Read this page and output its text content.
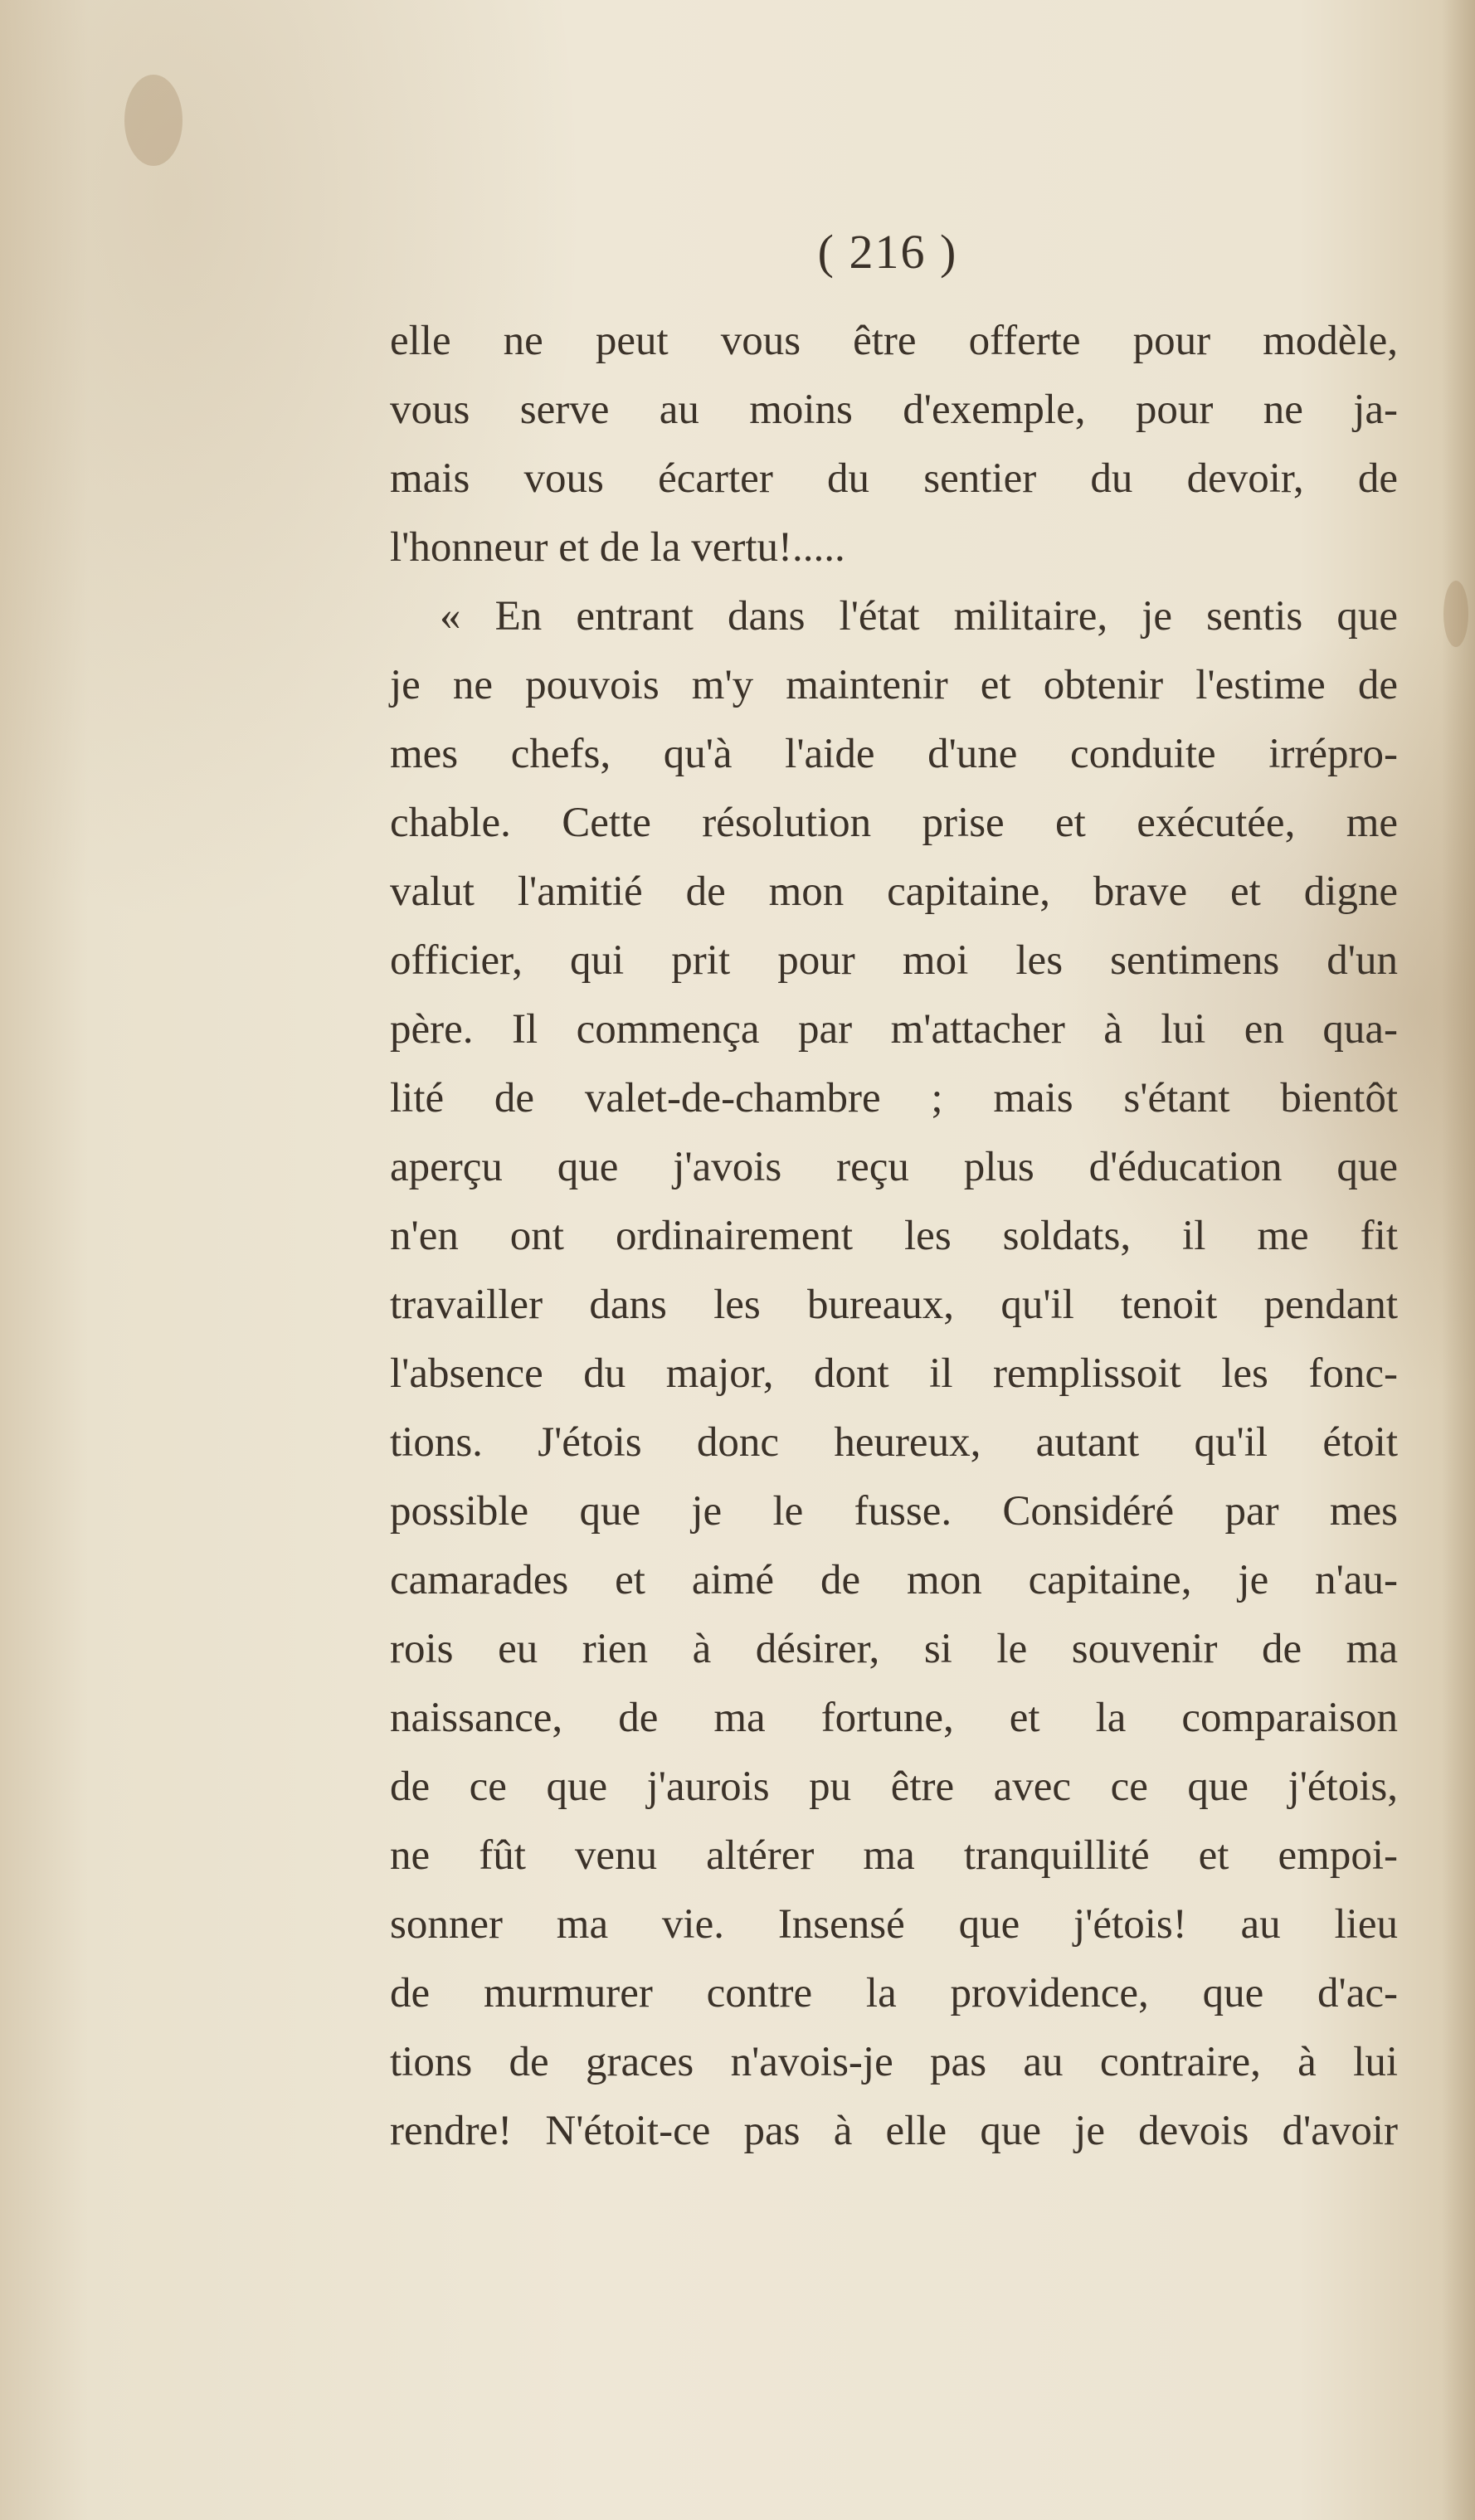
( 216 )
elle ne peut vous être offerte pour modèle,
vous serve au moins d'exemple, pour ne ja-
mais vous écarter du sentier du devoir, de
l'honneur et de la vertu!.....
« En entrant dans l'état militaire, je sentis que
je ne pouvois m'y maintenir et obtenir l'estime de
mes chefs, qu'à l'aide d'une conduite irrépro-
chable. Cette résolution prise et exécutée, me
valut l'amitié de mon capitaine, brave et digne
officier, qui prit pour moi les sentimens d'un
père. Il commença par m'attacher à lui en qua-
lité de valet-de-chambre ; mais s'étant bientôt
aperçu que j'avois reçu plus d'éducation que
n'en ont ordinairement les soldats, il me fit
travailler dans les bureaux, qu'il tenoit pendant
l'absence du major, dont il remplissoit les fonc-
tions. J'étois donc heureux, autant qu'il étoit
possible que je le fusse. Considéré par mes
camarades et aimé de mon capitaine, je n'au-
rois eu rien à désirer, si le souvenir de ma
naissance, de ma fortune, et la comparaison
de ce que j'aurois pu être avec ce que j'étois,
ne fût venu altérer ma tranquillité et empoi-
sonner ma vie. Insensé que j'étois! au lieu
de murmurer contre la providence, que d'ac-
tions de graces n'avois-je pas au contraire, à lui
rendre! N'étoit-ce pas à elle que je devois d'avoir
